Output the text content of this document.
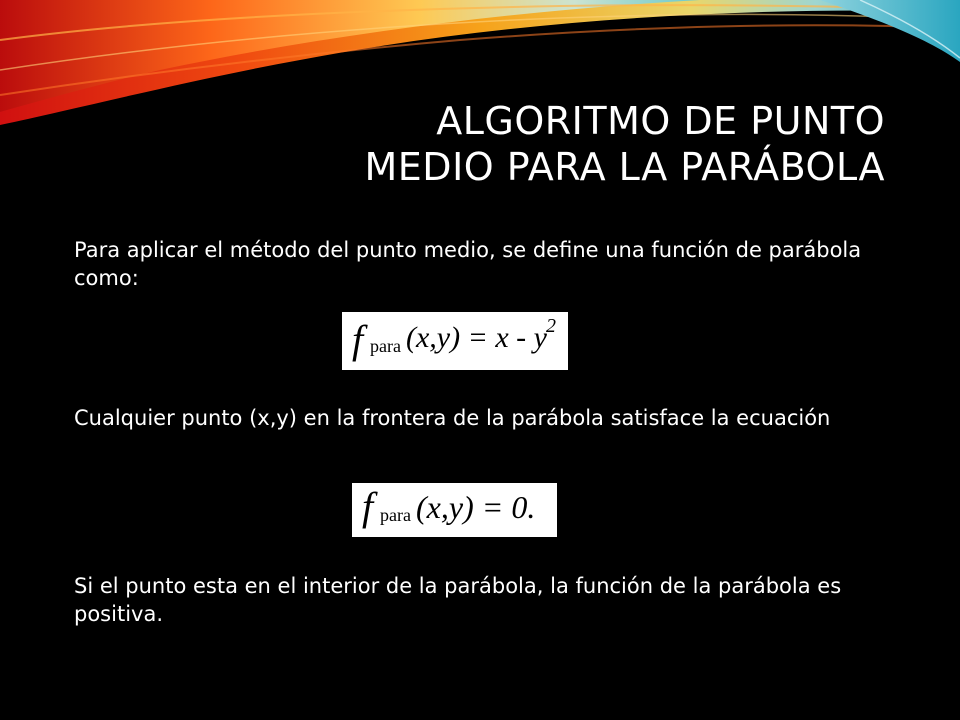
ALGORITMO DE PUNTO
MEDIO PARA LA PARÁBOLA

Para aplicar el método del punto medio, se define una función de parábola como:

f para (x,y) = x - y 2

Cualquier punto (x,y) en la frontera de la parábola satisface la ecuación

f para (x,y) = 0.

Si el punto esta en el interior de la parábola, la función de la parábola es positiva.
